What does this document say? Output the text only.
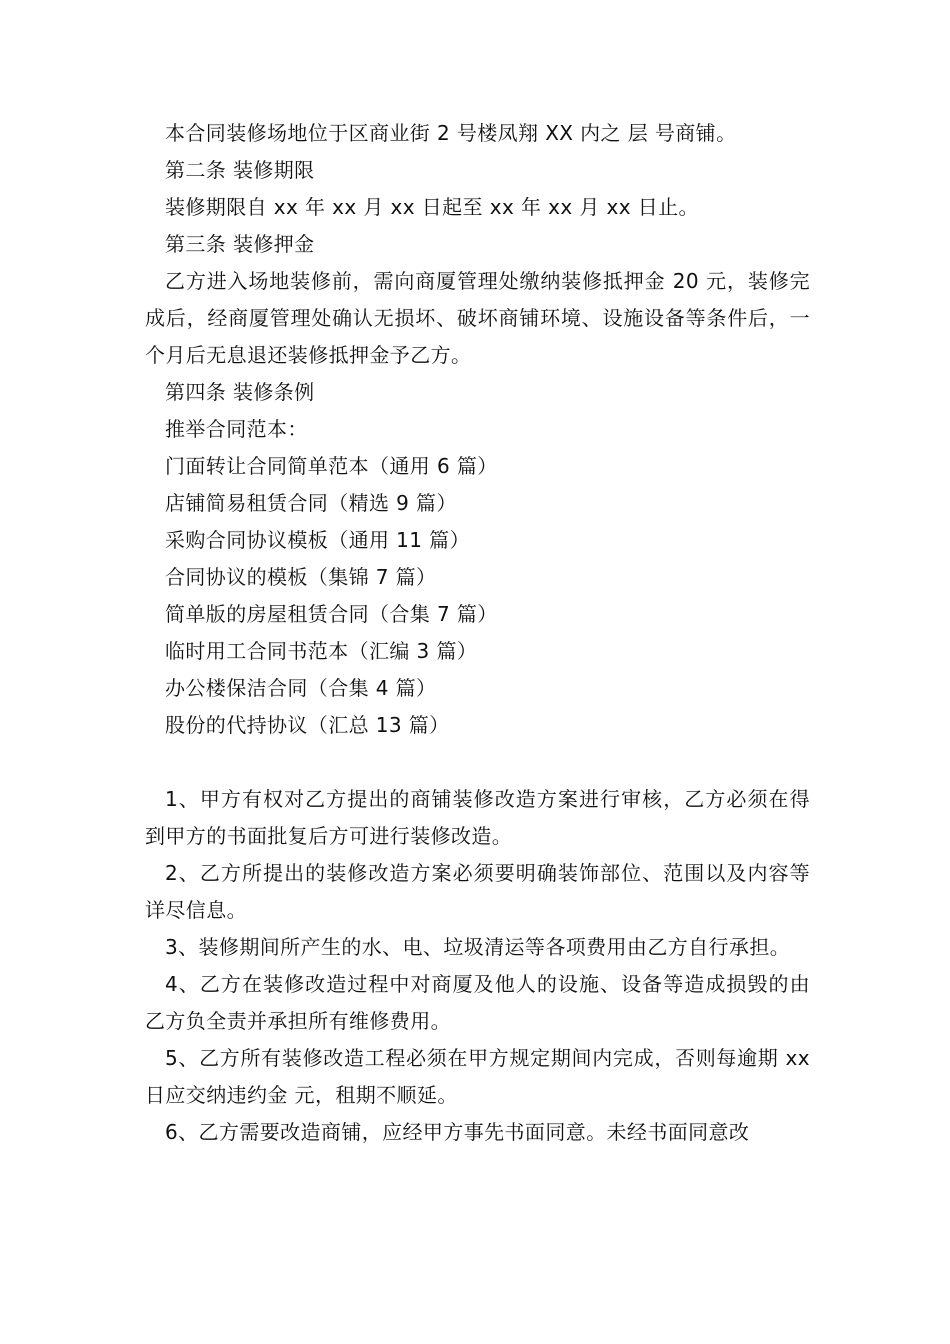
本合同装修场地位于区商业街 2 号楼凤翔 XX 内之 层 号商铺。

第二条 装修期限

装修期限自 xx 年 xx 月 xx 日起至 xx 年 xx 月 xx 日止。

第三条 装修押金

乙方进入场地装修前，需向商厦管理处缴纳装修抵押金 20 元，装修完成后，经商厦管理处确认无损坏、破坏商铺环境、设施设备等条件后，一个月后无息退还装修抵押金予乙方。

第四条 装修条例

推举合同范本：

门面转让合同简单范本（通用 6 篇）

店铺简易租赁合同（精选 9 篇）

采购合同协议模板（通用 11 篇）

合同协议的模板（集锦 7 篇）

简单版的房屋租赁合同（合集 7 篇）

临时用工合同书范本（汇编 3 篇）

办公楼保洁合同（合集 4 篇）

股份的代持协议（汇总 13 篇）

1、甲方有权对乙方提出的商铺装修改造方案进行审核，乙方必须在得到甲方的书面批复后方可进行装修改造。

2、乙方所提出的装修改造方案必须要明确装饰部位、范围以及内容等详尽信息。

3、装修期间所产生的水、电、垃圾清运等各项费用由乙方自行承担。

4、乙方在装修改造过程中对商厦及他人的设施、设备等造成损毁的由乙方负全责并承担所有维修费用。

5、乙方所有装修改造工程必须在甲方规定期间内完成，否则每逾期 xx 日应交纳违约金 元，租期不顺延。

6、乙方需要改造商铺，应经甲方事先书面同意。未经书面同意改
